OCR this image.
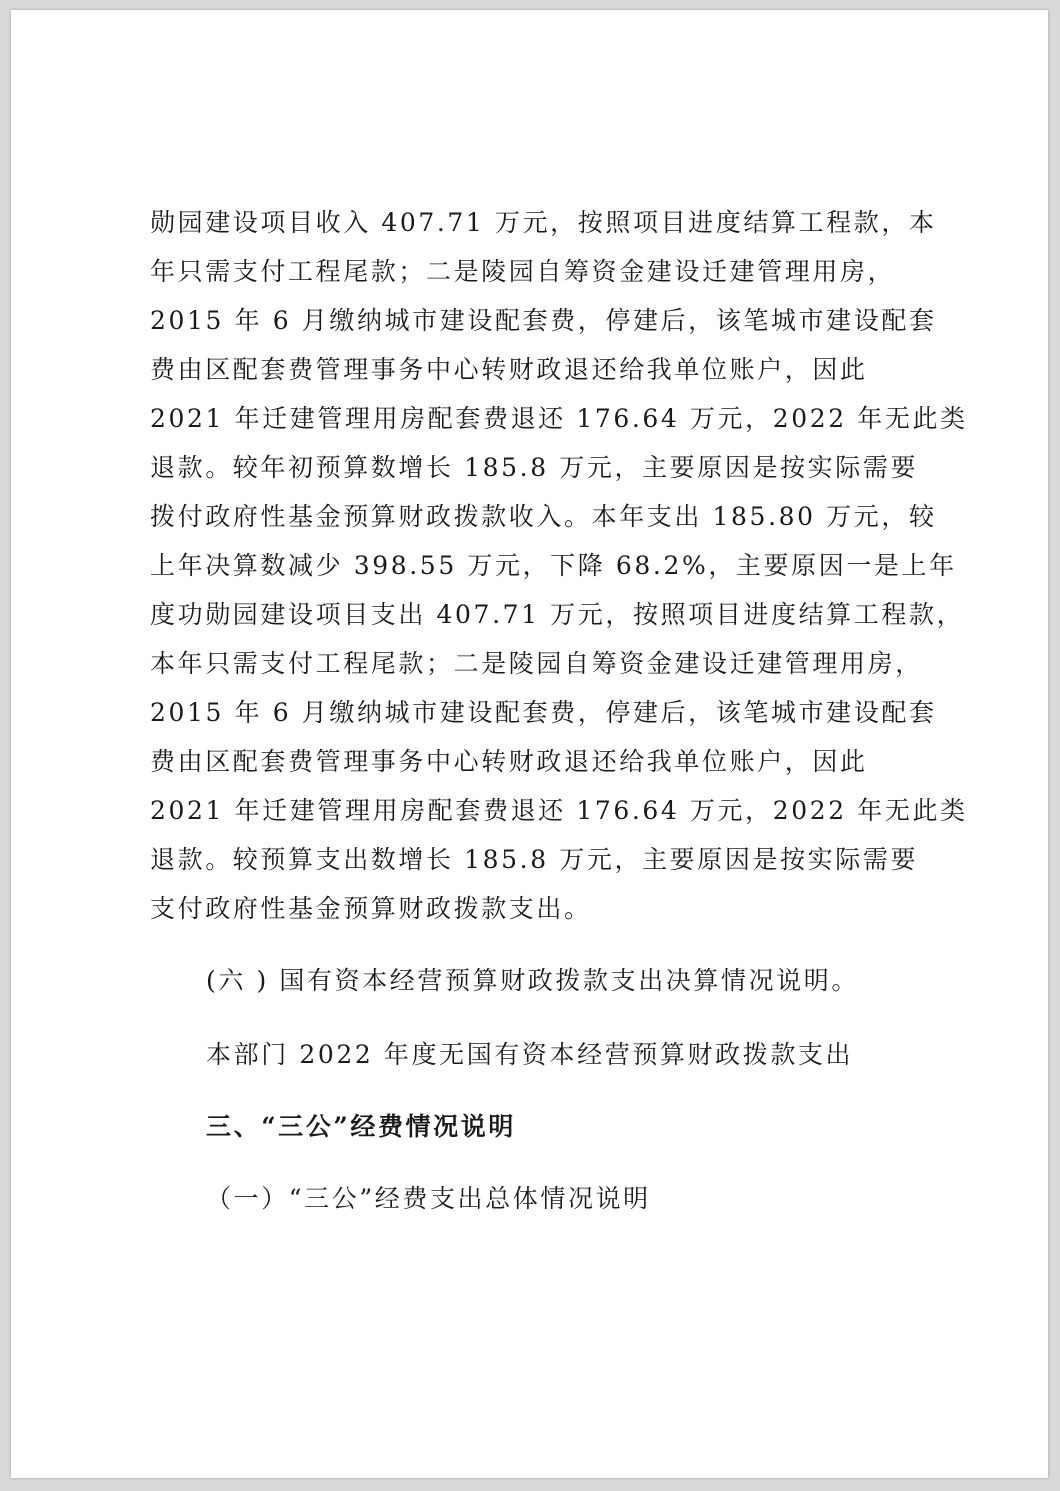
勋园建设项目收入 407.71 万元，按照项目进度结算工程款，本
年只需支付工程尾款；二是陵园自筹资金建设迁建管理用房，
2015 年 6 月缴纳城市建设配套费，停建后，该笔城市建设配套
费由区配套费管理事务中心转财政退还给我单位账户，因此
2021 年迁建管理用房配套费退还 176.64 万元，2022 年无此类
退款。较年初预算数增长 185.8 万元，主要原因是按实际需要
拨付政府性基金预算财政拨款收入。本年支出 185.80 万元，较
上年决算数减少 398.55 万元，下降 68.2%，主要原因一是上年
度功勋园建设项目支出 407.71 万元，按照项目进度结算工程款，
本年只需支付工程尾款；二是陵园自筹资金建设迁建管理用房，
2015 年 6 月缴纳城市建设配套费，停建后，该笔城市建设配套
费由区配套费管理事务中心转财政退还给我单位账户，因此
2021 年迁建管理用房配套费退还 176.64 万元，2022 年无此类
退款。较预算支出数增长 185.8 万元，主要原因是按实际需要
支付政府性基金预算财政拨款支出。
(六 ) 国有资本经营预算财政拨款支出决算情况说明。
本部门 2022 年度无国有资本经营预算财政拨款支出
三、“三公”经费情况说明
（一）“三公”经费支出总体情况说明
